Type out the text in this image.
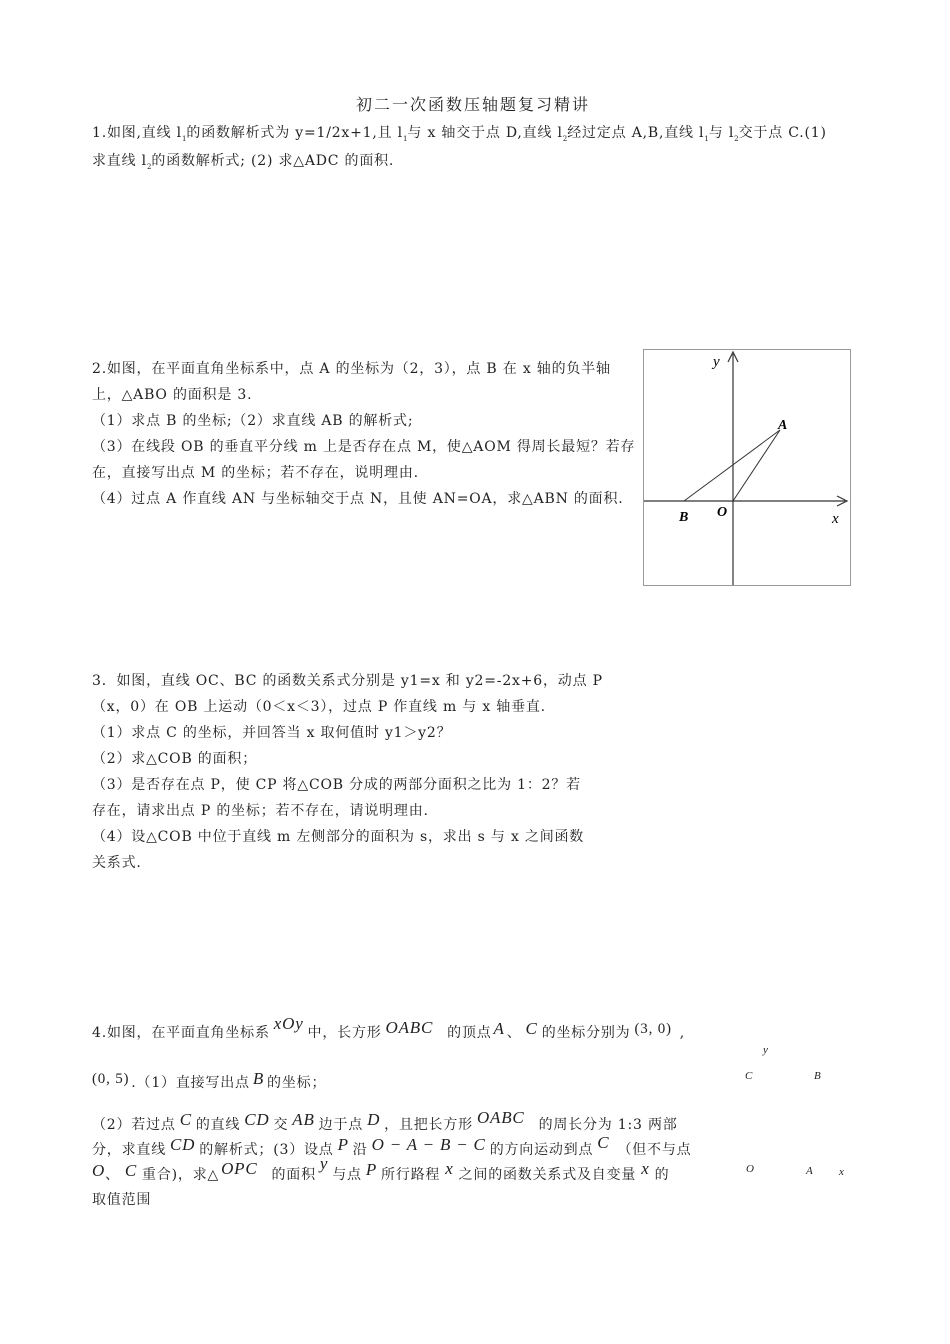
初二一次函数压轴题复习精讲
1.如图,直线 $l_1$的函数解析式为 y=1/2x+1,且 $l_1$与 x 轴交于点 D,直线 $l_2$经过定点 A,B,直线 $l_1$与 $l_2$交于点 C.(1)
求直线 $l_2$的函数解析式; (2) 求△ADC 的面积.
2.如图，在平面直角坐标系中，点 A 的坐标为（2，3），点 B 在 x 轴的负半轴
上，△ABO 的面积是 3.
（1）求点 B 的坐标;（2）求直线 AB 的解析式;
（3）在线段 OB 的垂直平分线 m 上是否存在点 M，使△AOM 得周长最短？若存
在，直接写出点 M 的坐标；若不存在，说明理由.
（4）过点 A 作直线 AN 与坐标轴交于点 N，且使 AN=OA，求△ABN 的面积.
y
x
A
B O
3．如图，直线 OC、BC 的函数关系式分别是 y1=x 和 y2=-2x+6，动点 P
（x，0）在 OB 上运动（0＜x＜3），过点 P 作直线 m 与 x 轴垂直.
（1）求点 C 的坐标，并回答当 x 取何值时 y1＞y2？
（2）求△COB 的面积；
（3）是否存在点 P，使 CP 将△COB 分成的两部分面积之比为 1：2？若
存在，请求出点 P 的坐标；若不存在，请说明理由.
（4）设△COB 中位于直线 m 左侧部分的面积为 s，求出 s 与 x 之间函数
关系式.
4.如图，在平面直角坐标系 xOy 中，长方形 OABC 的顶点 A 、 C 的坐标分别为 (3, 0) ,
(0, 5) .（1）直接写出点 B 的坐标；
（2）若过点 C 的直线 CD 交 AB 边于点 D ，且把长方形 OABC 的周长分为 1:3 两部
分，求直线 CD 的解析式；(3）设点 P 沿 O − A − B − C 的方向运动到点 C （但不与点
O、 C 重合)，求△ OPC 的面积y与点 P 所行路程 x 之间的函数关系式及自变量 x 的
取值范围
y
C	B
O	A x
